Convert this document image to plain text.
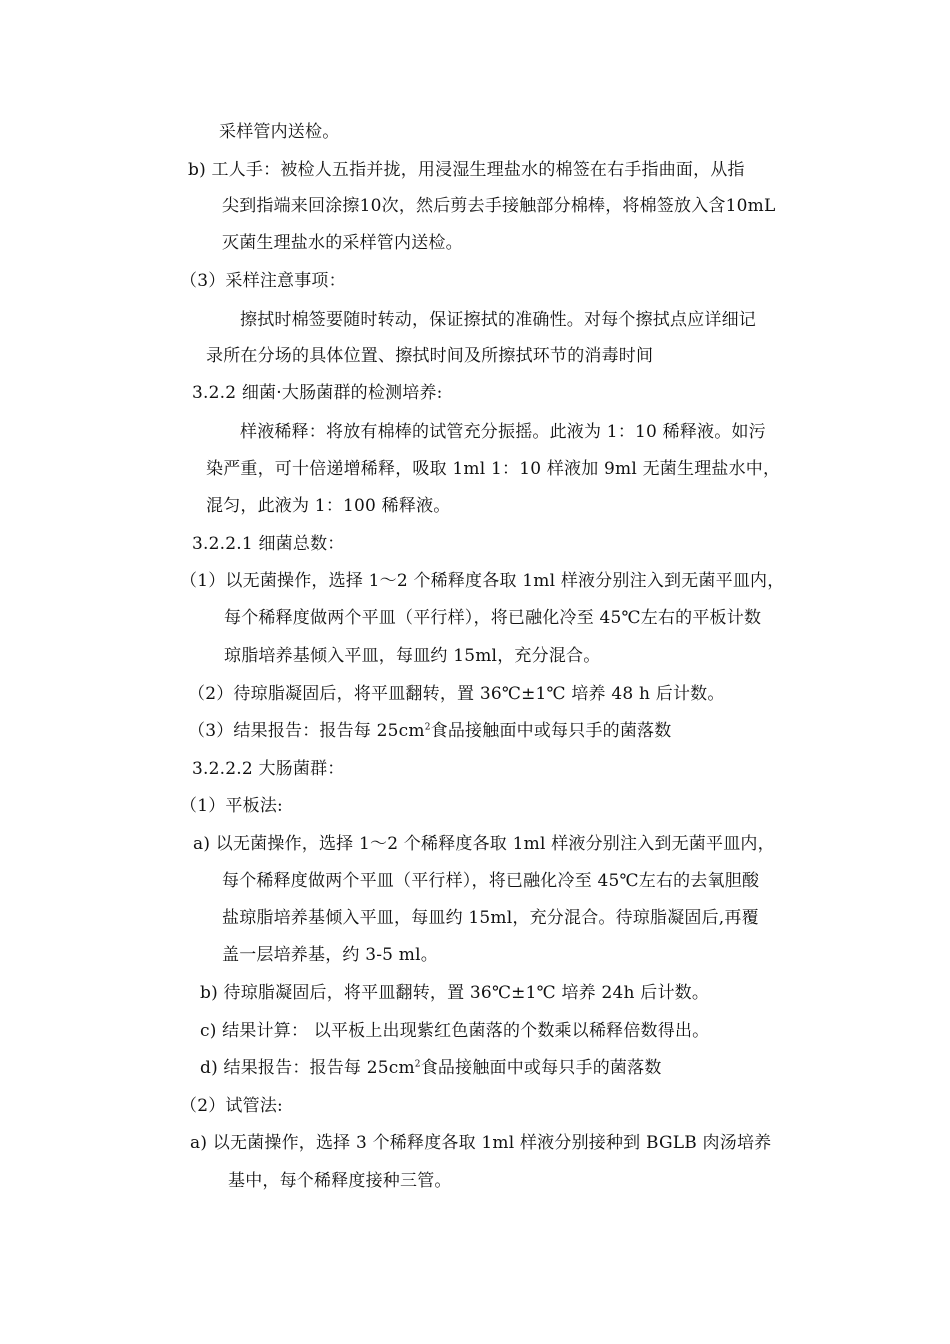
采样管内送检。
b) 工人手：被检人五指并拢，用浸湿生理盐水的棉签在右手指曲面，从指
尖到指端来回涂擦10次，然后剪去手接触部分棉棒，将棉签放入含10mL
灭菌生理盐水的采样管内送检。
（3）采样注意事项：
擦拭时棉签要随时转动，保证擦拭的准确性。对每个擦拭点应详细记
录所在分场的具体位置、擦拭时间及所擦拭环节的消毒时间
3.2.2 细菌·大肠菌群的检测培养:
样液稀释：将放有棉棒的试管充分振摇。此液为 1：10 稀释液。如污
染严重，可十倍递增稀释，吸取 1ml 1：10 样液加 9ml 无菌生理盐水中，
混匀，此液为 1：100 稀释液。
3.2.2.1 细菌总数：
（1）以无菌操作，选择 1～2 个稀释度各取 1ml 样液分别注入到无菌平皿内，
每个稀释度做两个平皿（平行样），将已融化冷至 45℃左右的平板计数
琼脂培养基倾入平皿，每皿约 15ml，充分混合。
（2）待琼脂凝固后，将平皿翻转，置 36℃±1℃ 培养 48 h 后计数。
（3）结果报告：报告每 $25cm^2$食品接触面中或每只手的菌落数
3.2.2.2 大肠菌群：
（1）平板法:
a) 以无菌操作，选择 1～2 个稀释度各取 1ml 样液分别注入到无菌平皿内，
每个稀释度做两个平皿（平行样），将已融化冷至 45℃左右的去氧胆酸
盐琼脂培养基倾入平皿，每皿约 15ml，充分混合。待琼脂凝固后,再覆
盖一层培养基，约 3-5 ml。
b) 待琼脂凝固后，将平皿翻转，置 36℃±1℃ 培养 24h 后计数。
c) 结果计算： 以平板上出现紫红色菌落的个数乘以稀释倍数得出。
d) 结果报告：报告每 $25cm^2$食品接触面中或每只手的菌落数
（2）试管法:
a) 以无菌操作，选择 3 个稀释度各取 1ml 样液分别接种到 BGLB 肉汤培养
基中，每个稀释度接种三管。
